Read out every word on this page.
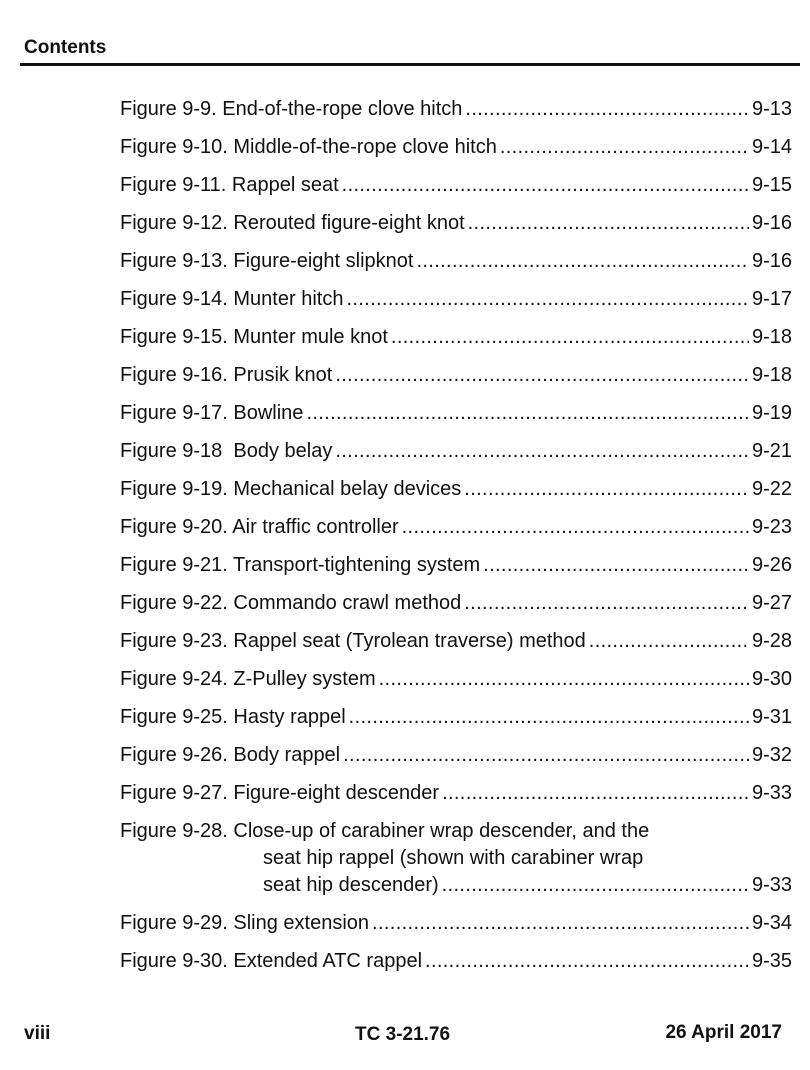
Contents
Figure 9-9. End-of-the-rope clove hitch . . .	9-13
Figure 9-10. Middle-of-the-rope clove hitch . . .	9-14
Figure 9-11. Rappel seat . . .	9-15
Figure 9-12. Rerouted figure-eight knot . . .	9-16
Figure 9-13. Figure-eight slipknot . . .	9-16
Figure 9-14. Munter hitch . . .	9-17
Figure 9-15. Munter mule knot . . .	9-18
Figure 9-16. Prusik knot . . .	9-18
Figure 9-17. Bowline . . .	9-19
Figure 9-18  Body belay . . .	9-21
Figure 9-19. Mechanical belay devices . . .	9-22
Figure 9-20. Air traffic controller . . .	9-23
Figure 9-21. Transport-tightening system . . .	9-26
Figure 9-22. Commando crawl method . . .	9-27
Figure 9-23. Rappel seat (Tyrolean traverse) method . . .	9-28
Figure 9-24. Z-Pulley system . . .	9-30
Figure 9-25. Hasty rappel . . .	9-31
Figure 9-26. Body rappel . . .	9-32
Figure 9-27. Figure-eight descender . . .	9-33
Figure 9-28. Close-up of carabiner wrap descender, and the
seat hip rappel (shown with carabiner wrap
seat hip descender) . . .	9-33
Figure 9-29. Sling extension . . .	9-34
Figure 9-30. Extended ATC rappel . . .	9-35
viii	TC 3-21.76	26 April 2017
